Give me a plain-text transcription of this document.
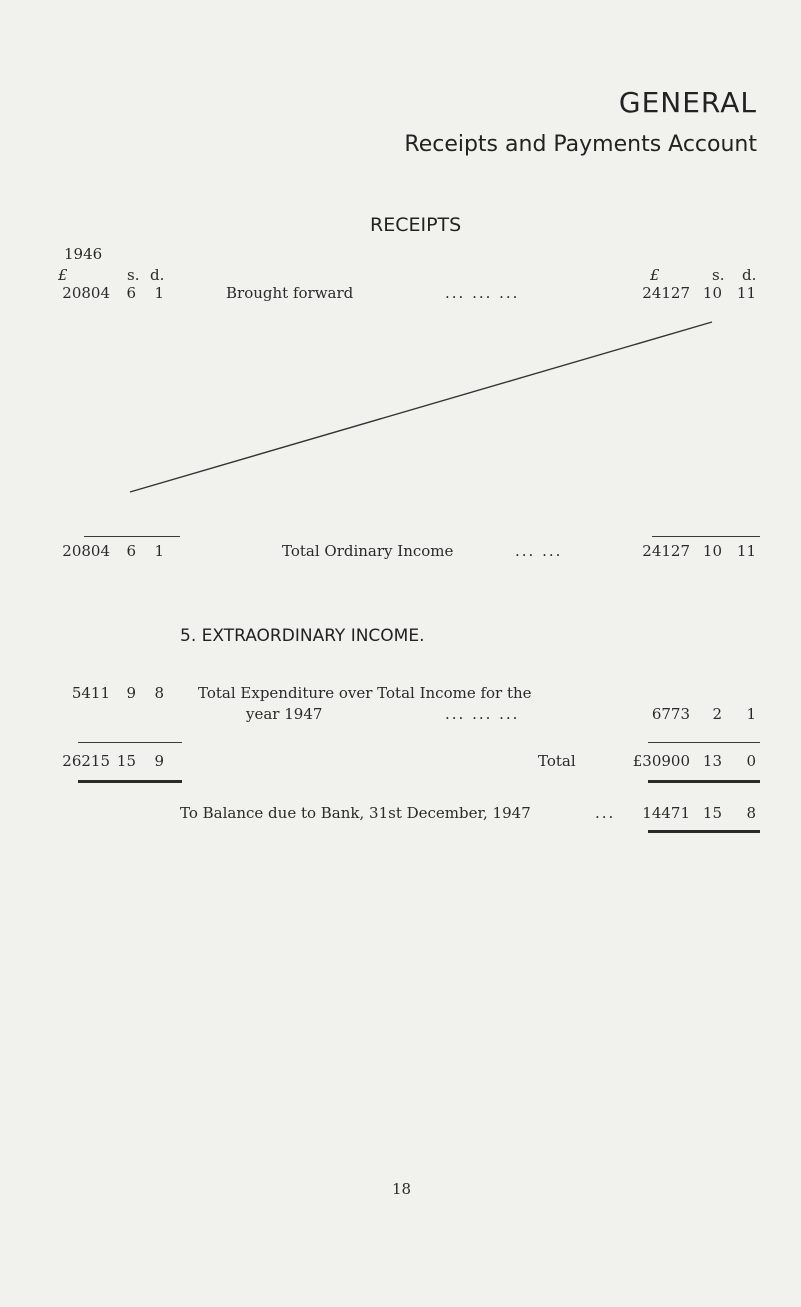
GENERAL
Receipts and Payments Account
RECEIPTS
1946
£	s. d.	£	s. d.
20804	6	1	Brought forward	... ... ...	24127 10 11
20804	6	1	Total Ordinary Income	... ...	24127 10 11
5. EXTRAORDINARY INCOME.
5411	9	8 Total Expenditure over Total Income for the
year 1947	... ... ...	6773	2	1
26215 15	9	Total	£30900 13	0
To Balance due to Bank, 31st December, 1947	...	14471 15	8
18
